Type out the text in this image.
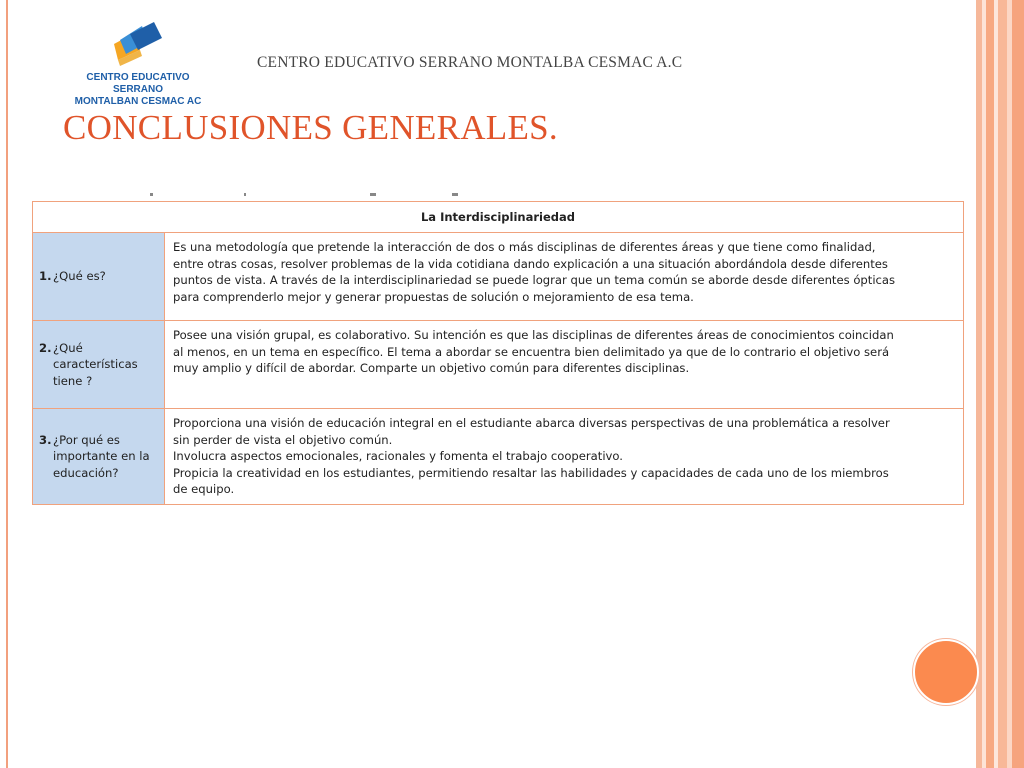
CENTRO EDUCATIVO SERRANO
MONTALBAN CESMAC AC
CENTRO EDUCATIVO SERRANO MONTALBA CESMAC A.C
CONCLUSIONES GENERALES.
La Interdisciplinariedad	

1. ¿Qué es?	Es una metodología que pretende la interacción de dos o más disciplinas de diferentes áreas y que tiene como finalidad,
entre otras cosas, resolver problemas de la vida cotidiana dando explicación a una situación abordándola desde diferentes
puntos de vista. A través de la interdisciplinariedad se puede lograr que un tema común se aborde desde diferentes ópticas
para comprenderlo mejor y generar propuestas de solución o mejoramiento de esa tema.

2. ¿Qué características tiene ?	Posee una visión grupal, es colaborativo. Su intención es que las disciplinas de diferentes áreas de conocimientos coincidan
al menos, en un tema en específico. El tema a abordar se encuentra bien delimitado ya que de lo contrario el objetivo será
muy amplio y difícil de abordar. Comparte un objetivo común para diferentes disciplinas.

3. ¿Por qué es importante en la educación?	Proporciona una visión de educación integral en el estudiante abarca diversas perspectivas de una problemática a resolver
sin perder de vista el objetivo común.
Involucra aspectos emocionales, racionales y fomenta el trabajo cooperativo.
Propicia la creatividad en los estudiantes, permitiendo resaltar las habilidades y capacidades de cada uno de los miembros
de equipo.
